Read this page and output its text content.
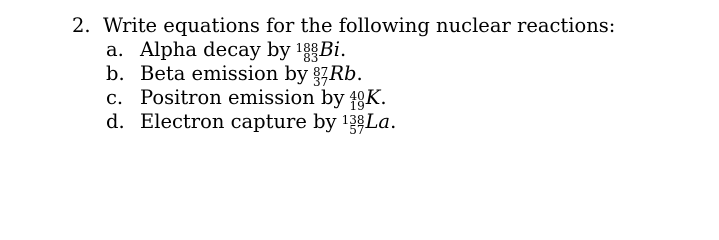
2. Write equations for the following nuclear reactions:
a. Alpha decay by 188
83 Bi .
b. Beta emission by 87
37 Rb .
c. Positron emission by 40
19 K .
d. Electron capture by 138
57 La .
